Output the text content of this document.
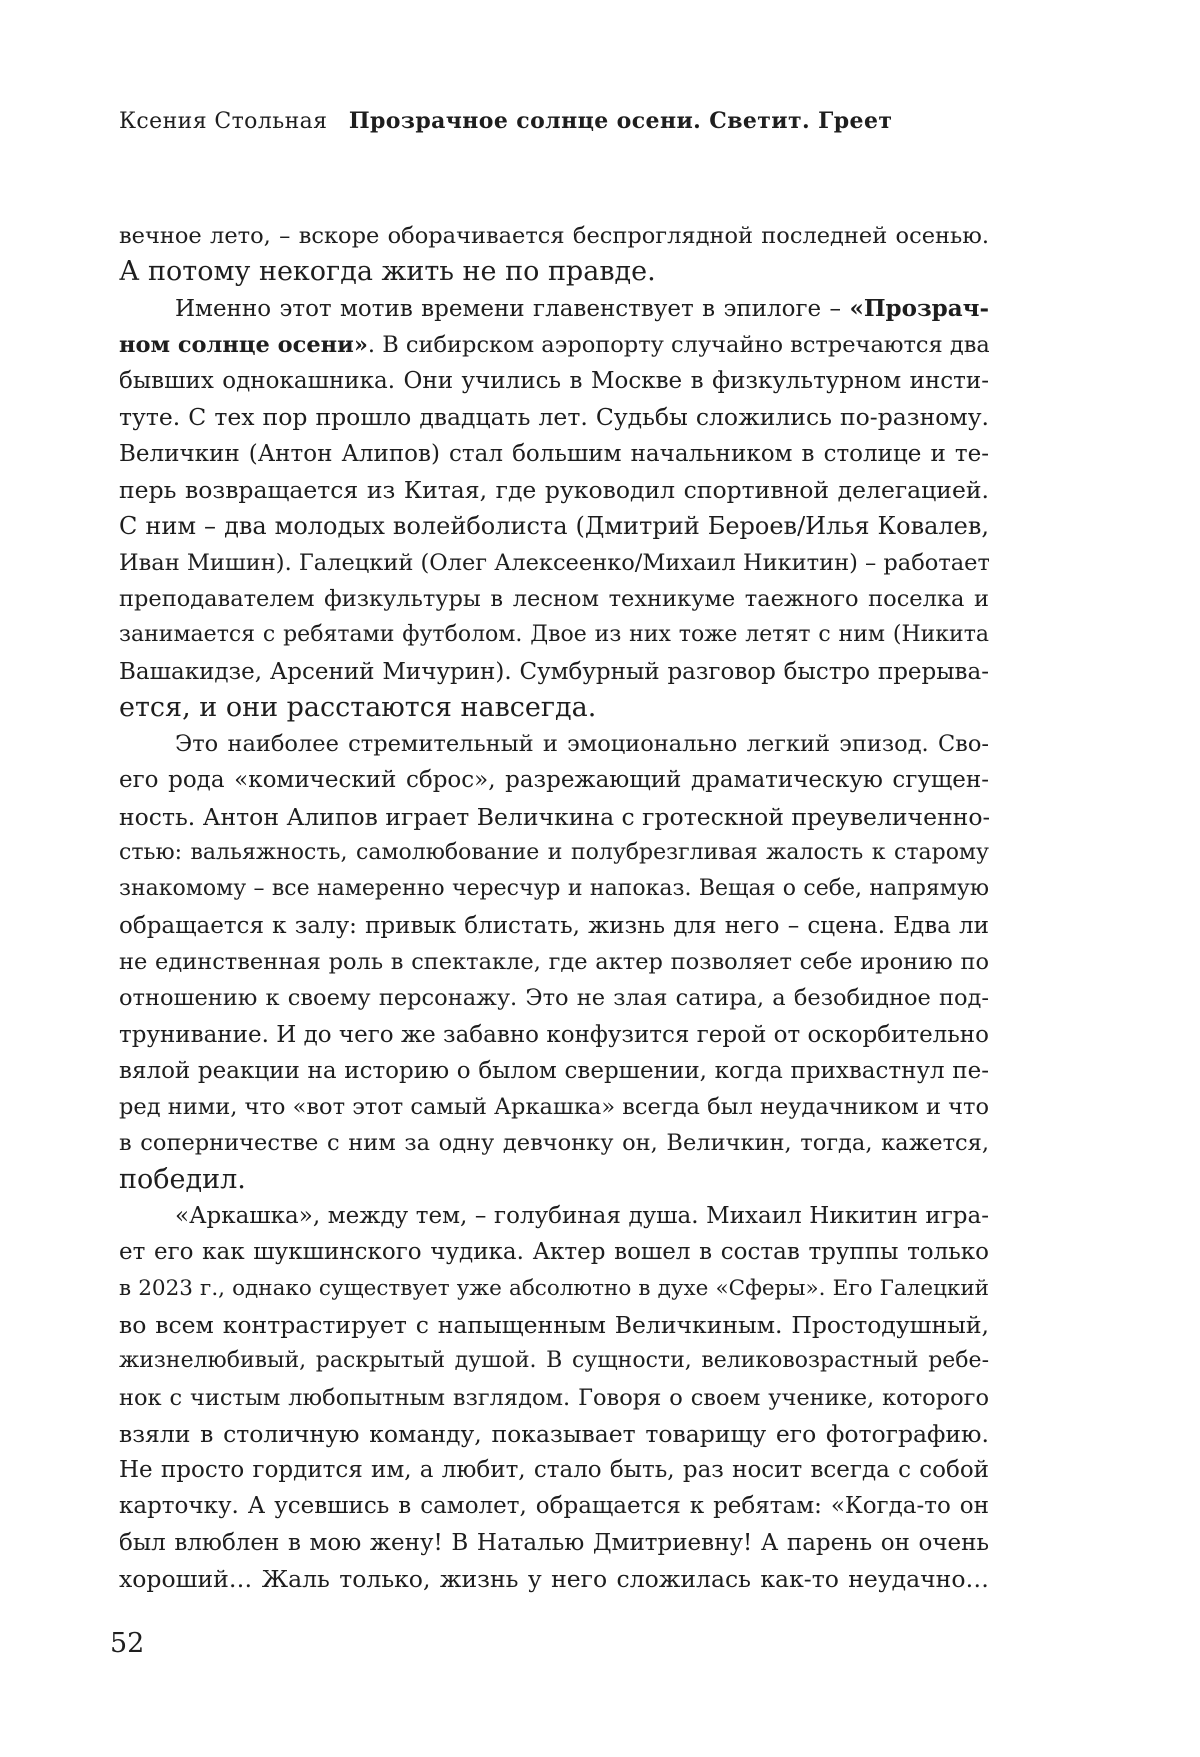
Ксения Стольная Прозрачное солнце осени. Светит. Греет
вечное лето, – вскоре оборачивается беспроглядной последней осенью.
А потому некогда жить не по правде.
Именно этот мотив времени главенствует в эпилоге – «Прозрач-
ном солнце осени». В сибирском аэропорту случайно встречаются два
бывших однокашника. Они учились в Москве в физкультурном инсти-
туте. С тех пор прошло двадцать лет. Судьбы сложились по-разному.
Величкин (Антон Алипов) стал большим начальником в столице и те-
перь возвращается из Китая, где руководил спортивной делегацией.
С ним – два молодых волейболиста (Дмитрий Бероев/Илья Ковалев,
Иван Мишин). Галецкий (Олег Алексеенко/Михаил Никитин) – работает
преподавателем физкультуры в лесном техникуме таежного поселка и
занимается с ребятами футболом. Двое из них тоже летят с ним (Никита
Вашакидзе, Арсений Мичурин). Сумбурный разговор быстро прерыва-
ется, и они расстаются навсегда.
Это наиболее стремительный и эмоционально легкий эпизод. Сво-
его рода «комический сброс», разрежающий драматическую сгущен-
ность. Антон Алипов играет Величкина с гротескной преувеличенно-
стью: вальяжность, самолюбование и полубрезгливая жалость к старому
знакомому – все намеренно чересчур и напоказ. Вещая о себе, напрямую
обращается к залу: привык блистать, жизнь для него – сцена. Едва ли
не единственная роль в спектакле, где актер позволяет себе иронию по
отношению к своему персонажу. Это не злая сатира, а безобидное под-
трунивание. И до чего же забавно конфузится герой от оскорбительно
вялой реакции на историю о былом свершении, когда прихвастнул пе-
ред ними, что «вот этот самый Аркашка» всегда был неудачником и что
в соперничестве с ним за одну девчонку он, Величкин, тогда, кажется,
победил.
«Аркашка», между тем, – голубиная душа. Михаил Никитин игра-
ет его как шукшинского чудика. Актер вошел в состав труппы только
в 2023 г., однако существует уже абсолютно в духе «Сферы». Его Галецкий
во всем контрастирует с напыщенным Величкиным. Простодушный,
жизнелюбивый, раскрытый душой. В сущности, великовозрастный ребе-
нок с чистым любопытным взглядом. Говоря о своем ученике, которого
взяли в столичную команду, показывает товарищу его фотографию.
Не просто гордится им, а любит, стало быть, раз носит всегда с собой
карточку. А усевшись в самолет, обращается к ребятам: «Когда-то он
был влюблен в мою жену! В Наталью Дмитриевну! А парень он очень
хороший… Жаль только, жизнь у него сложилась как-то неудачно…
52
